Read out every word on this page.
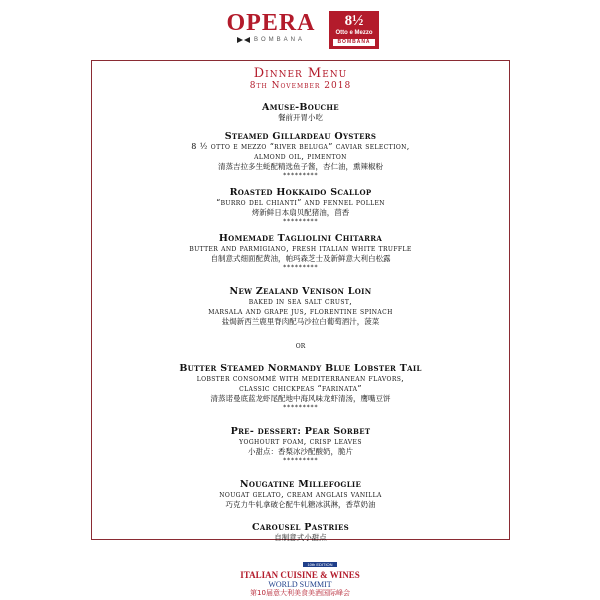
OPERA
BOMBANA
8½
Otto e Mezzo
BOMBANA
Dinner Menu
8th November 2018
Amuse-Bouche
餐前开胃小吃
Steamed Gillardeau Oysters
8 ½ otto e mezzo “river beluga” caviar selection,
almond oil, pimenton
清蒸吉拉多生蚝配精选鱼子酱，杏仁油，熏辣椒粉
*********
Roasted Hokkaido Scallop
“burro del chianti” and fennel pollen
烤新鲜日本扇贝配猪油，茴香
*********
Homemade Tagliolini Chitarra
butter and parmigiano, fresh italian white truffle
自制意式细面配黄油，帕玛森芝士及新鲜意大利白松露
*********
New Zealand Venison Loin
baked in sea salt crust,
marsala and grape jus, florentine spinach
盐焗新西兰鹿里脊肉配马沙拉白葡萄酒汁，菠菜
or
Butter Steamed Normandy Blue Lobster Tail
lobster consommé with mediterranean flavors,
classic chickpeas “farinata”
清蒸诺曼底蓝龙虾尾配地中海风味龙虾清汤，鹰嘴豆饼
*********
Pre- dessert: Pear Sorbet
yoghourt foam, crisp leaves
小甜点：香梨冰沙配酸奶，脆片
*********
Nougatine Millefoglie
nougat gelato, cream anglais vanilla
巧克力牛轧拿破仑配牛轧糖冰淇淋，香草奶油
Carousel Pastries
自制意式小甜点
10th EDITION
ITALIAN CUISINE & WINES
WORLD SUMMIT
第10届意大利美食美酒国际峰会
